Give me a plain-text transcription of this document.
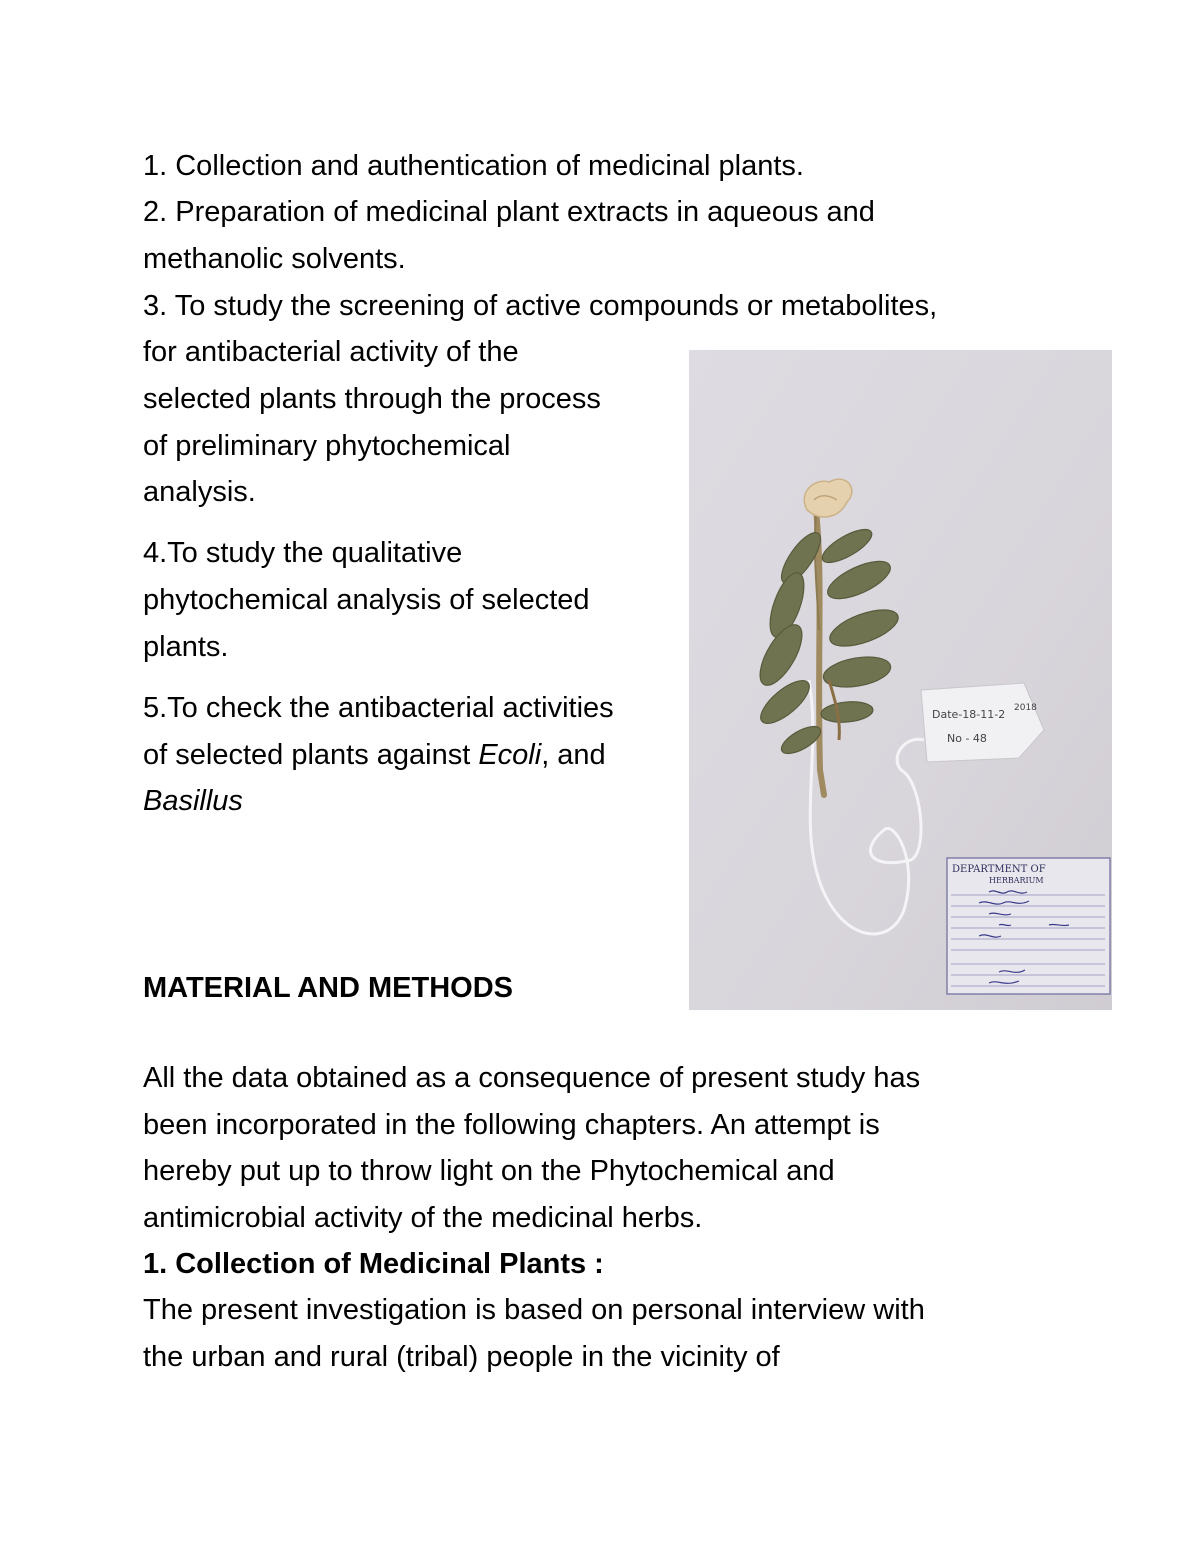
1. Collection and authentication of medicinal plants.
2. Preparation of medicinal plant extracts in aqueous and
methanolic solvents.
3. To study the screening of active compounds or metabolites,
for antibacterial activity of the
selected plants through the process
of preliminary phytochemical
analysis.
4.To study the qualitative
phytochemical analysis of selected
plants.
5.To check the antibacterial activities
of selected plants against Ecoli, and
Basillus
MATERIAL AND METHODS
All the data obtained as a consequence of present study has
been incorporated in the following chapters. An attempt is
hereby put up to throw light on the Phytochemical and
antimicrobial activity of the medicinal herbs.
1. Collection of Medicinal Plants :
The present investigation is based on personal interview with
the urban and rural (tribal) people in the vicinity of
Date-18-11-2
No - 48
2018
DEPARTMENT OF
HERBARIUM
